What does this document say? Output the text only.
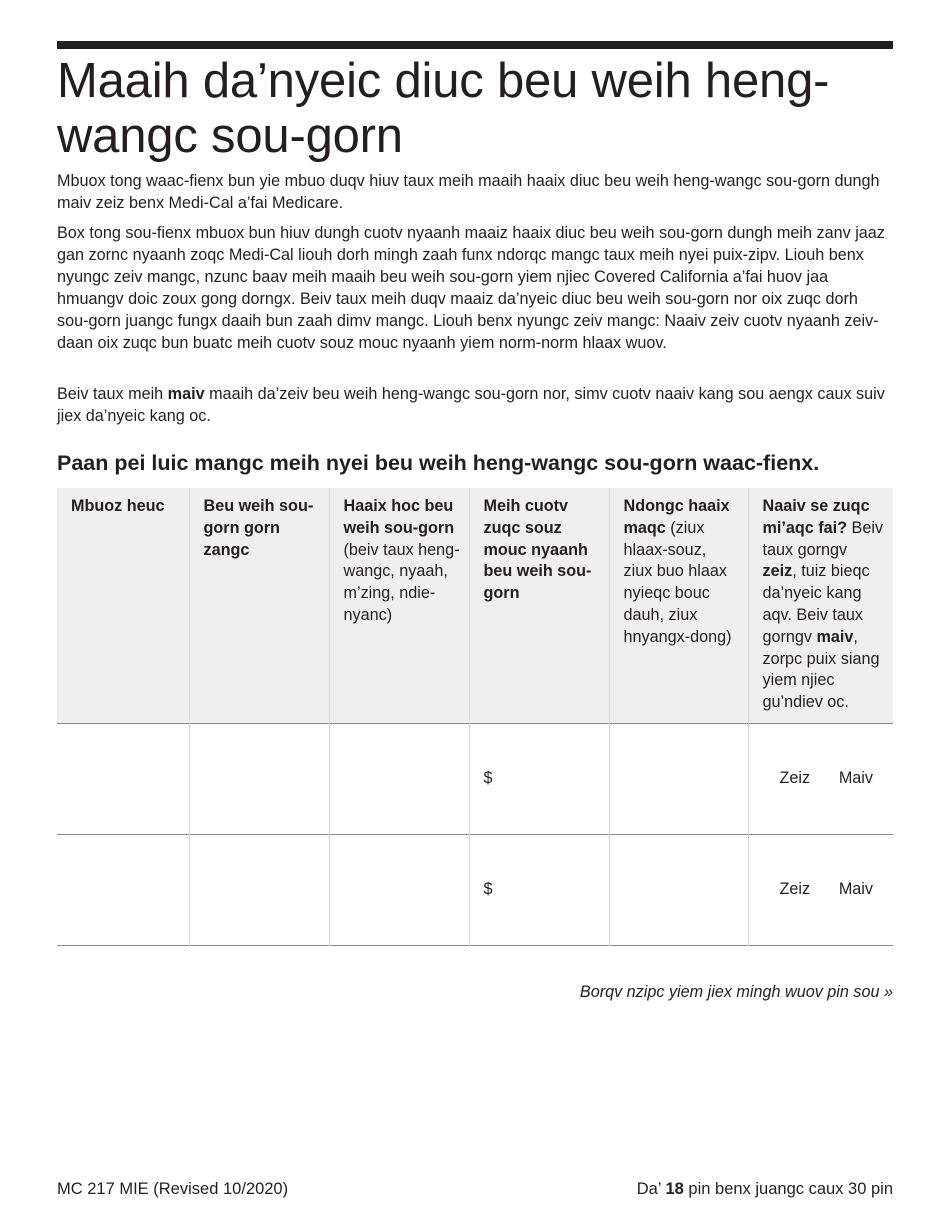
Maaih da’nyeic diuc beu weih heng-wangc sou-gorn

Mbuox tong waac-fienx bun yie mbuo duqv hiuv taux meih maaih haaix diuc beu weih heng-wangc sou-gorn dungh maiv zeiz benx Medi-Cal a’fai Medicare.

Box tong sou-fienx mbuox bun hiuv dungh cuotv nyaanh maaiz haaix diuc beu weih sou-gorn dungh meih zanv jaaz gan zornc nyaanh zoqc Medi-Cal liouh dorh mingh zaah funx ndorqc mangc taux meih nyei puix-zipv. Liouh benx nyungc zeiv mangc, nzunc baav meih maaih beu weih sou-gorn yiem njiec Covered California a’fai huov jaa hmuangv doic zoux gong dorngx. Beiv taux meih duqv maaiz da’nyeic diuc beu weih sou-gorn nor oix zuqc dorh sou-gorn juangc fungx daaih bun zaah dimv mangc. Liouh benx nyungc zeiv mangc: Naaiv zeiv cuotv nyaanh zeiv-daan oix zuqc bun buatc meih cuotv souz mouc nyaanh yiem norm-norm hlaax wuov.

Beiv taux meih maiv maaih da’zeiv beu weih heng-wangc sou-gorn nor, simv cuotv naaiv kang sou aengx caux suiv jiex da’nyeic kang oc.

Paan pei luic mangc meih nyei beu weih heng-wangc sou-gorn waac-fienx.
Mbuoz heuc	Beu weih sou-gorn gorn zangc	Haaix hoc beu weih sou-gorn (beiv taux heng-wangc, nyaah, m’zing, ndie-nyanc)	Meih cuotv zuqc souz mouc nyaanh beu weih sou-gorn	Ndongc haaix maqc (ziux hlaax-souz, ziux buo hlaax nyieqc bouc dauh, ziux hnyangx-dong)	Naaiv se zuqc mi’aqc fai? Beiv taux gorngv zeiz, tuiz bieqc da’nyeic kang aqv. Beiv taux gorngv maiv, zorpc puix siang yiem njiec gu’ndiev oc.
			$		Zeiz Maiv

			$		Zeiz Maiv

Borqv nzipc yiem jiex mingh wuov pin sou »

MC 217 MIE (Revised 10/2020)	Da’ 18 pin benx juangc caux 30 pin
